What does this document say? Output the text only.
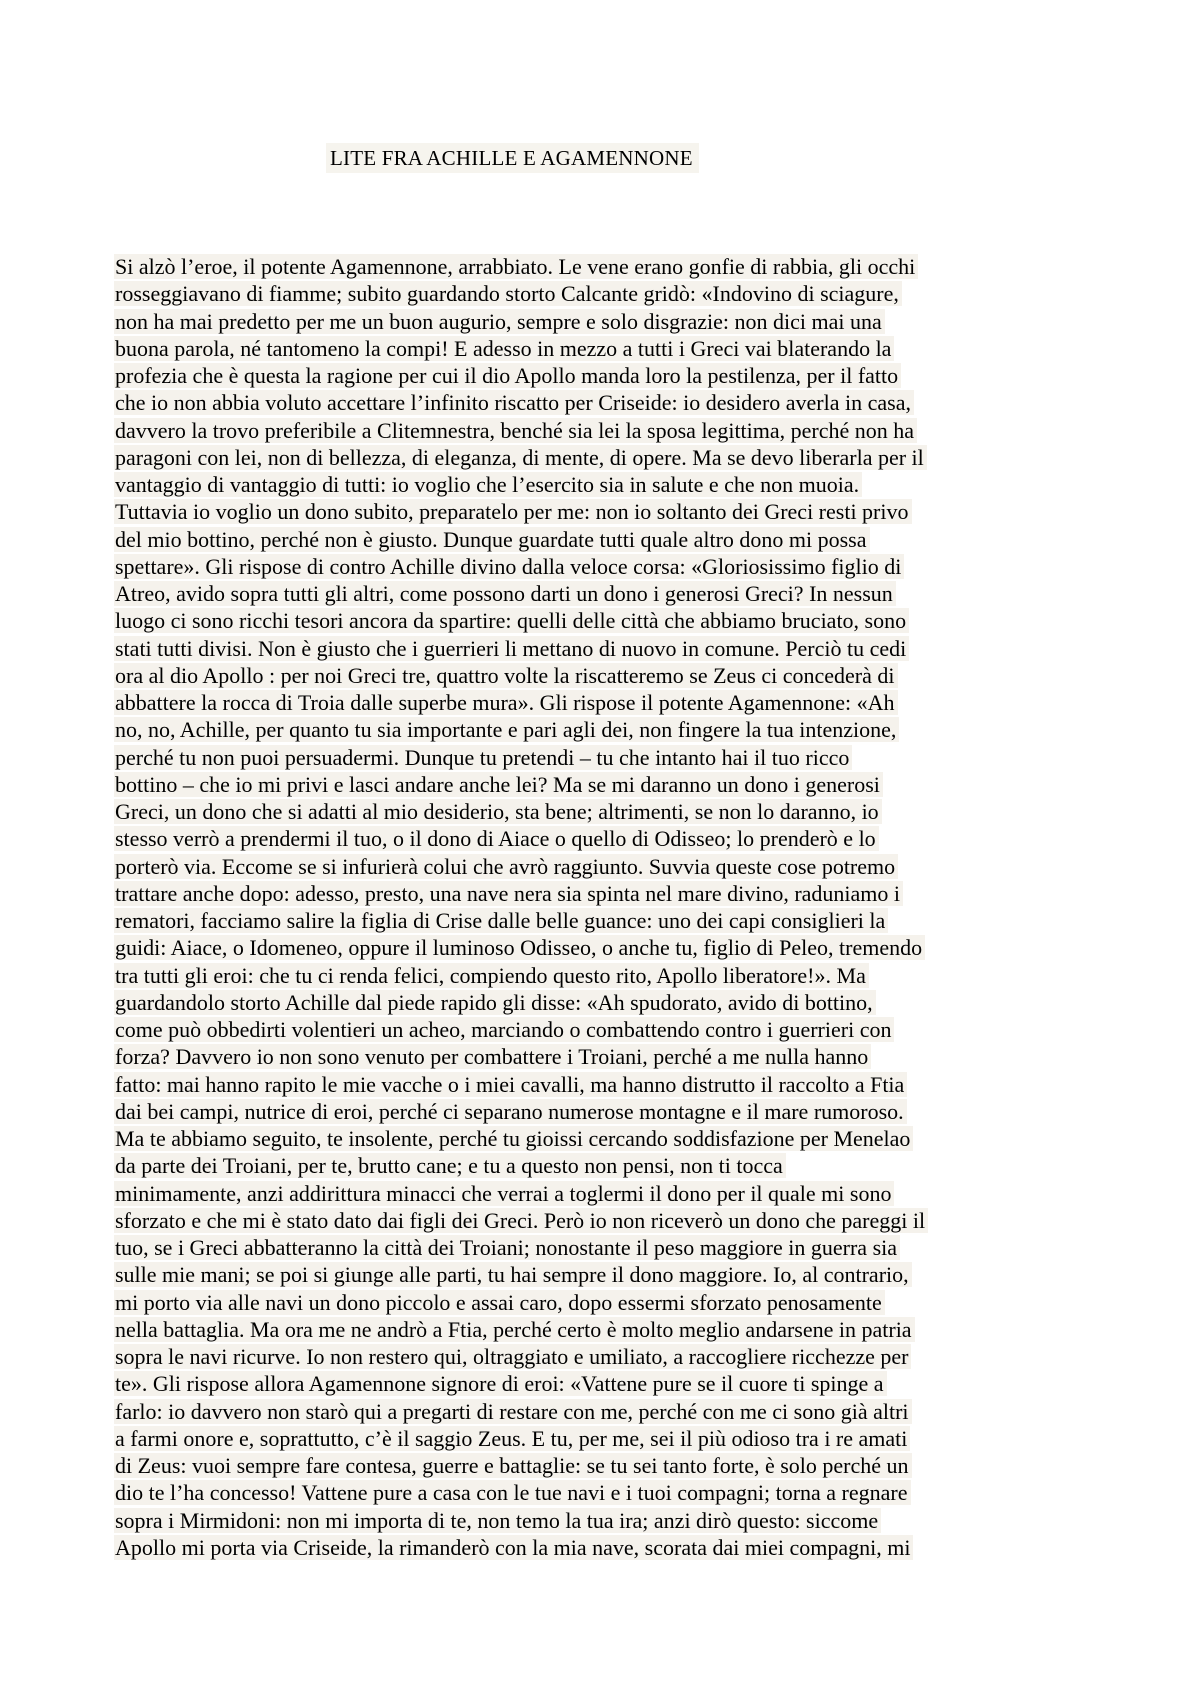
LITE FRA ACHILLE E AGAMENNONE
Si alzò l’eroe, il potente Agamennone, arrabbiato. Le vene erano gonfie di rabbia, gli occhi
rosseggiavano di fiamme; subito guardando storto Calcante gridò: «Indovino di sciagure,
non ha mai predetto per me un buon augurio, sempre e solo disgrazie: non dici mai una
buona parola, né tantomeno la compi! E adesso in mezzo a tutti i Greci vai blaterando la
profezia che è questa la ragione per cui il dio Apollo manda loro la pestilenza, per il fatto
che io non abbia voluto accettare l’infinito riscatto per Criseide: io desidero averla in casa,
davvero la trovo preferibile a Clitemnestra, benché sia lei la sposa legittima, perché non ha
paragoni con lei, non di bellezza, di eleganza, di mente, di opere. Ma se devo liberarla per il
vantaggio di vantaggio di tutti: io voglio che l’esercito sia in salute e che non muoia.
Tuttavia io voglio un dono subito, preparatelo per me: non io soltanto dei Greci resti privo
del mio bottino, perché non è giusto. Dunque guardate tutti quale altro dono mi possa
spettare». Gli rispose di contro Achille divino dalla veloce corsa: «Gloriosissimo figlio di
Atreo, avido sopra tutti gli altri, come possono darti un dono i generosi Greci? In nessun
luogo ci sono ricchi tesori ancora da spartire: quelli delle città che abbiamo bruciato, sono
stati tutti divisi. Non è giusto che i guerrieri li mettano di nuovo in comune. Perciò tu cedi
ora al dio Apollo : per noi Greci tre, quattro volte la riscatteremo se Zeus ci concederà di
abbattere la rocca di Troia dalle superbe mura». Gli rispose il potente Agamennone: «Ah
no, no, Achille, per quanto tu sia importante e pari agli dei, non fingere la tua intenzione,
perché tu non puoi persuadermi. Dunque tu pretendi – tu che intanto hai il tuo ricco
bottino – che io mi privi e lasci andare anche lei? Ma se mi daranno un dono i generosi
Greci, un dono che si adatti al mio desiderio, sta bene; altrimenti, se non lo daranno, io
stesso verrò a prendermi il tuo, o il dono di Aiace o quello di Odisseo; lo prenderò e lo
porterò via. Eccome se si infurierà colui che avrò raggiunto. Suvvia queste cose potremo
trattare anche dopo: adesso, presto, una nave nera sia spinta nel mare divino, raduniamo i
rematori, facciamo salire la figlia di Crise dalle belle guance: uno dei capi consiglieri la
guidi: Aiace, o Idomeneo, oppure il luminoso Odisseo, o anche tu, figlio di Peleo, tremendo
tra tutti gli eroi: che tu ci renda felici, compiendo questo rito, Apollo liberatore!». Ma
guardandolo storto Achille dal piede rapido gli disse: «Ah spudorato, avido di bottino,
come può obbedirti volentieri un acheo, marciando o combattendo contro i guerrieri con
forza? Davvero io non sono venuto per combattere i Troiani, perché a me nulla hanno
fatto: mai hanno rapito le mie vacche o i miei cavalli, ma hanno distrutto il raccolto a Ftia
dai bei campi, nutrice di eroi, perché ci separano numerose montagne e il mare rumoroso.
Ma te abbiamo seguito, te insolente, perché tu gioissi cercando soddisfazione per Menelao
da parte dei Troiani, per te, brutto cane; e tu a questo non pensi, non ti tocca
minimamente, anzi addirittura minacci che verrai a toglermi il dono per il quale mi sono
sforzato e che mi è stato dato dai figli dei Greci. Però io non riceverò un dono che pareggi il
tuo, se i Greci abbatteranno la città dei Troiani; nonostante il peso maggiore in guerra sia
sulle mie mani; se poi si giunge alle parti, tu hai sempre il dono maggiore. Io, al contrario,
mi porto via alle navi un dono piccolo e assai caro, dopo essermi sforzato penosamente
nella battaglia. Ma ora me ne andrò a Ftia, perché certo è molto meglio andarsene in patria
sopra le navi ricurve. Io non restero qui, oltraggiato e umiliato, a raccogliere ricchezze per
te». Gli rispose allora Agamennone signore di eroi: «Vattene pure se il cuore ti spinge a
farlo: io davvero non starò qui a pregarti di restare con me, perché con me ci sono già altri
a farmi onore e, soprattutto, c’è il saggio Zeus. E tu, per me, sei il più odioso tra i re amati
di Zeus: vuoi sempre fare contesa, guerre e battaglie: se tu sei tanto forte, è solo perché un
dio te l’ha concesso! Vattene pure a casa con le tue navi e i tuoi compagni; torna a regnare
sopra i Mirmidoni: non mi importa di te, non temo la tua ira; anzi dirò questo: siccome
Apollo mi porta via Criseide, la rimanderò con la mia nave, scorata dai miei compagni, mi
